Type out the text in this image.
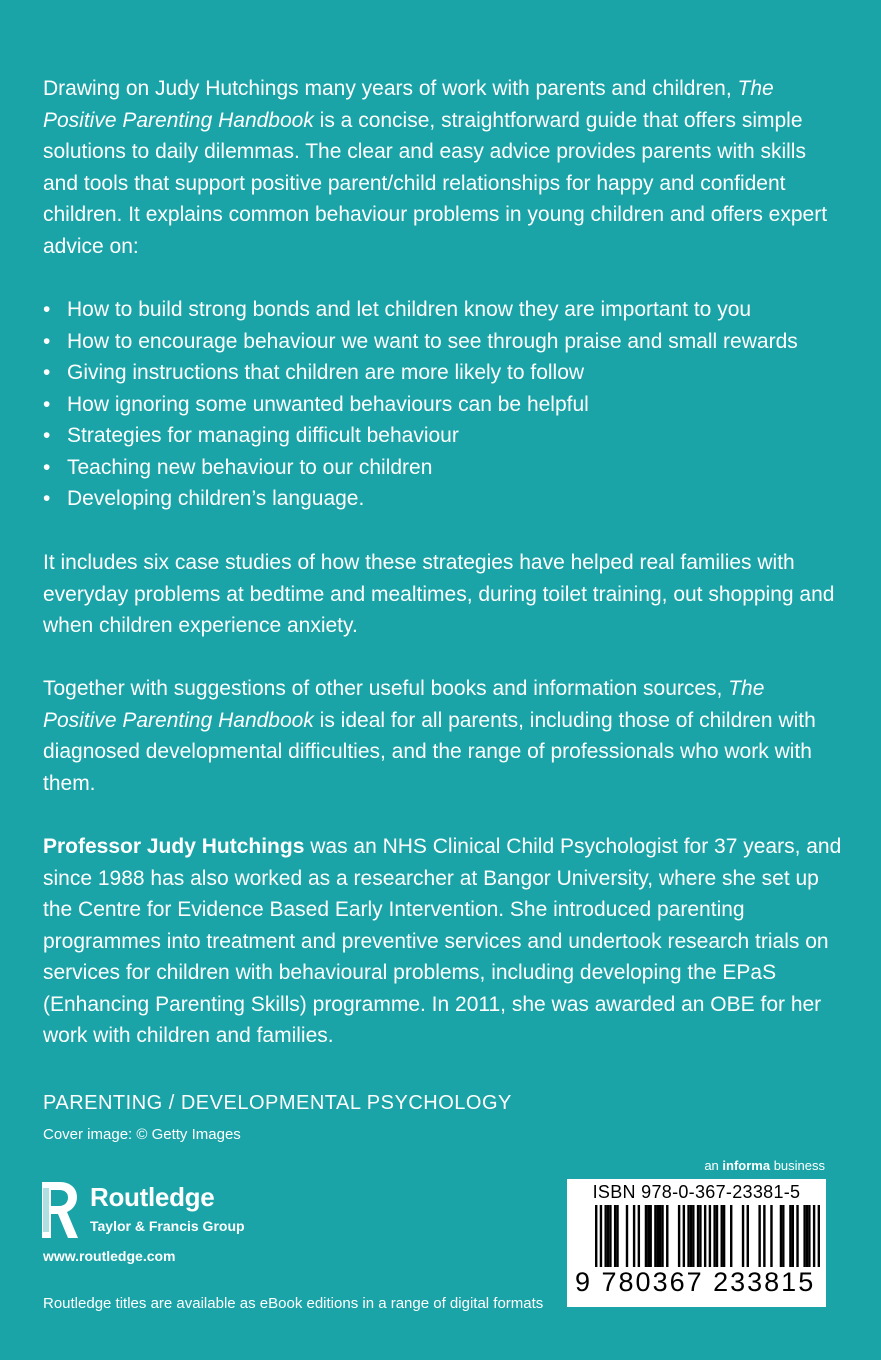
Drawing on Judy Hutchings many years of work with parents and children, The Positive Parenting Handbook is a concise, straightforward guide that offers simple solutions to daily dilemmas. The clear and easy advice provides parents with skills and tools that support positive parent/child relationships for happy and confident children. It explains common behaviour problems in young children and offers expert advice on:

• How to build strong bonds and let children know they are important to you
• How to encourage behaviour we want to see through praise and small rewards
• Giving instructions that children are more likely to follow
• How ignoring some unwanted behaviours can be helpful
• Strategies for managing difficult behaviour
• Teaching new behaviour to our children
• Developing children’s language.

It includes six case studies of how these strategies have helped real families with everyday problems at bedtime and mealtimes, during toilet training, out shopping and when children experience anxiety.

Together with suggestions of other useful books and information sources, The Positive Parenting Handbook is ideal for all parents, including those of children with diagnosed developmental difficulties, and the range of professionals who work with them.

Professor Judy Hutchings was an NHS Clinical Child Psychologist for 37 years, and since 1988 has also worked as a researcher at Bangor University, where she set up the Centre for Evidence Based Early Intervention. She introduced parenting programmes into treatment and preventive services and undertook research trials on services for children with behavioural problems, including developing the EPaS (Enhancing Parenting Skills) programme. In 2011, she was awarded an OBE for her work with children and families.

PARENTING / DEVELOPMENTAL PSYCHOLOGY
Cover image: © Getty Images
an informa business
Routledge
Taylor & Francis Group
www.routledge.com
Routledge titles are available as eBook editions in a range of digital formats
ISBN 978-0-367-23381-5
9 780367 233815
